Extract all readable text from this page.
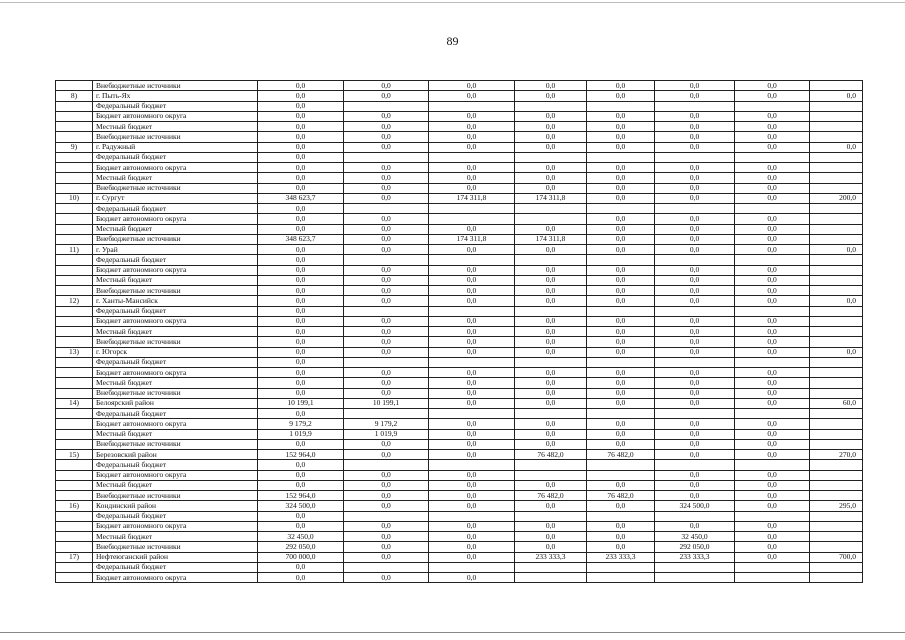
89
	Внебюджетные источники	0,0	0,0	0,0	0,0	0,0	0,0	0,0	
8)	г. Пыть-Ях	0,0	0,0	0,0	0,0	0,0	0,0	0,0	0,0
	Федеральный бюджет	0,0							
	Бюджет автономного округа	0,0	0,0	0,0	0,0	0,0	0,0	0,0	
	Местный бюджет	0,0	0,0	0,0	0,0	0,0	0,0	0,0	
	Внебюджетные источники	0,0	0,0	0,0	0,0	0,0	0,0	0,0	
9)	г. Радужный	0,0	0,0	0,0	0,0	0,0	0,0	0,0	0,0
	Федеральный бюджет	0,0							
	Бюджет автономного округа	0,0	0,0	0,0	0,0	0,0	0,0	0,0	
	Местный бюджет	0,0	0,0	0,0	0,0	0,0	0,0	0,0	
	Внебюджетные источники	0,0	0,0	0,0	0,0	0,0	0,0	0,0	
10)	г. Сургут	348 623,7	0,0	174 311,8	174 311,8	0,0	0,0	0,0	200,0
	Федеральный бюджет	0,0							
	Бюджет автономного округа	0,0	0,0			0,0	0,0	0,0	
	Местный бюджет	0,0	0,0	0,0	0,0	0,0	0,0	0,0	
	Внебюджетные источники	348 623,7	0,0	174 311,8	174 311,8	0,0	0,0	0,0	
11)	г. Урай	0,0	0,0	0,0	0,0	0,0	0,0	0,0	0,0
	Федеральный бюджет	0,0							
	Бюджет автономного округа	0,0	0,0	0,0	0,0	0,0	0,0	0,0	
	Местный бюджет	0,0	0,0	0,0	0,0	0,0	0,0	0,0	
	Внебюджетные источники	0,0	0,0	0,0	0,0	0,0	0,0	0,0	
12)	г. Ханты-Мансийск	0,0	0,0	0,0	0,0	0,0	0,0	0,0	0,0
	Федеральный бюджет	0,0							
	Бюджет автономного округа	0,0	0,0	0,0	0,0	0,0	0,0	0,0	
	Местный бюджет	0,0	0,0	0,0	0,0	0,0	0,0	0,0	
	Внебюджетные источники	0,0	0,0	0,0	0,0	0,0	0,0	0,0	
13)	г. Югорск	0,0	0,0	0,0	0,0	0,0	0,0	0,0	0,0
	Федеральный бюджет	0,0							
	Бюджет автономного округа	0,0	0,0	0,0	0,0	0,0	0,0	0,0	
	Местный бюджет	0,0	0,0	0,0	0,0	0,0	0,0	0,0	
	Внебюджетные источники	0,0	0,0	0,0	0,0	0,0	0,0	0,0	
14)	Белоярский район	10 199,1	10 199,1	0,0	0,0	0,0	0,0	0,0	60,0
	Федеральный бюджет	0,0							
	Бюджет автономного округа	9 179,2	9 179,2	0,0	0,0	0,0	0,0	0,0	
	Местный бюджет	1 019,9	1 019,9	0,0	0,0	0,0	0,0	0,0	
	Внебюджетные источники	0,0	0,0	0,0	0,0	0,0	0,0	0,0	
15)	Березовский район	152 964,0	0,0	0,0	76 482,0	76 482,0	0,0	0,0	270,0
	Федеральный бюджет	0,0							
	Бюджет автономного округа	0,0	0,0	0,0			0,0	0,0	
	Местный бюджет	0,0	0,0	0,0	0,0	0,0	0,0	0,0	
	Внебюджетные источники	152 964,0	0,0	0,0	76 482,0	76 482,0	0,0	0,0	
16)	Кондинский район	324 500,0	0,0	0,0	0,0	0,0	324 500,0	0,0	295,0
	Федеральный бюджет	0,0							
	Бюджет автономного округа	0,0	0,0	0,0	0,0	0,0	0,0	0,0	
	Местный бюджет	32 450,0	0,0	0,0	0,0	0,0	32 450,0	0,0	
	Внебюджетные источники	292 050,0	0,0	0,0	0,0	0,0	292 050,0	0,0	
17)	Нефтеюганский район	700 000,0	0,0	0,0	233 333,3	233 333,3	233 333,3	0,0	700,0
	Федеральный бюджет	0,0							
	Бюджет автономного округа	0,0	0,0	0,0					
